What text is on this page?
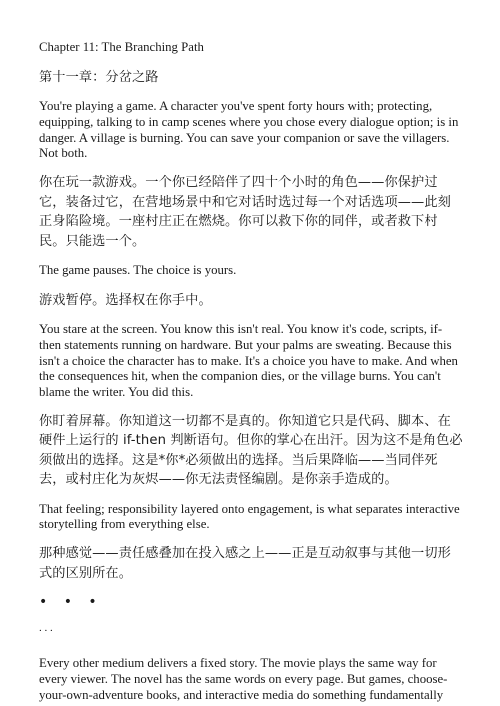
Chapter 11: The Branching Path

第十一章：分岔之路

You're playing a game. A character you've spent forty hours with; protecting, equipping, talking to in camp scenes where you chose every dialogue option; is in danger. A village is burning. You can save your companion or save the villagers. Not both.

你在玩一款游戏。一个你已经陪伴了四十个小时的角色——你保护过它，装备过它，在营地场景中和它对话时选过每一个对话选项——此刻正身陷险境。一座村庄正在燃烧。你可以救下你的同伴，或者救下村民。只能选一个。

The game pauses. The choice is yours.

游戏暂停。选择权在你手中。

You stare at the screen. You know this isn't real. You know it's code, scripts, if-then statements running on hardware. But your palms are sweating. Because this isn't a choice the character has to make. It's a choice you have to make. And when the consequences hit, when the companion dies, or the village burns. You can't blame the writer. You did this.

你盯着屏幕。你知道这一切都不是真的。你知道它只是代码、脚本、在硬件上运行的 if-then 判断语句。但你的掌心在出汗。因为这不是角色必须做出的选择。这是*你*必须做出的选择。当后果降临——当同伴死去，或村庄化为灰烬——你无法责怪编剧。是你亲手造成的。

That feeling; responsibility layered onto engagement, is what separates interactive storytelling from everything else.

那种感觉——责任感叠加在投入感之上——正是互动叙事与其他一切形式的区别所在。

• • •

. . .

Every other medium delivers a fixed story. The movie plays the same way for every viewer. The novel has the same words on every page. But games, choose-your-own-adventure books, and interactive media do something fundamentally
